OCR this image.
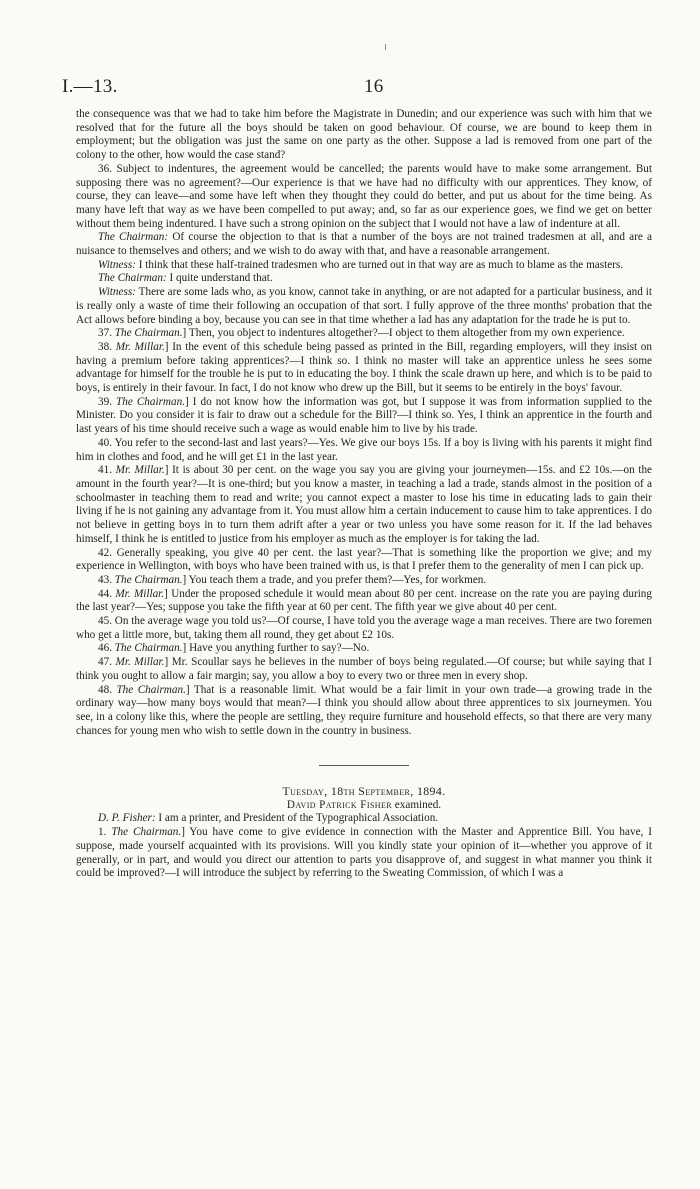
I.—13.	16

the consequence was that we had to take him before the Magistrate in Dunedin; and our experience was such with him that we resolved that for the future all the boys should be taken on good behaviour. Of course, we are bound to keep them in employment; but the obligation was just the same on one party as the other. Suppose a lad is removed from one part of the colony to the other, how would the case stand?

36. Subject to indentures, the agreement would be cancelled; the parents would have to make some arrangement. But supposing there was no agreement?—Our experience is that we have had no difficulty with our apprentices. They know, of course, they can leave—and some have left when they thought they could do better, and put us about for the time being. As many have left that way as we have been compelled to put away; and, so far as our experience goes, we find we get on better without them being indentured. I have such a strong opinion on the subject that I would not have a law of indenture at all.

The Chairman: Of course the objection to that is that a number of the boys are not trained tradesmen at all, and are a nuisance to themselves and others; and we wish to do away with that, and have a reasonable arrangement.

Witness: I think that these half-trained tradesmen who are turned out in that way are as much to blame as the masters.

The Chairman: I quite understand that.

Witness: There are some lads who, as you know, cannot take in anything, or are not adapted for a particular business, and it is really only a waste of time their following an occupation of that sort. I fully approve of the three months' probation that the Act allows before binding a boy, because you can see in that time whether a lad has any adaptation for the trade he is put to.

37. The Chairman.] Then, you object to indentures altogether?—I object to them altogether from my own experience.

38. Mr. Millar.] In the event of this schedule being passed as printed in the Bill, regarding employers, will they insist on having a premium before taking apprentices?—I think so. I think no master will take an apprentice unless he sees some advantage for himself for the trouble he is put to in educating the boy. I think the scale drawn up here, and which is to be paid to boys, is entirely in their favour. In fact, I do not know who drew up the Bill, but it seems to be entirely in the boys' favour.

39. The Chairman.] I do not know how the information was got, but I suppose it was from information supplied to the Minister. Do you consider it is fair to draw out a schedule for the Bill?—I think so. Yes, I think an apprentice in the fourth and last years of his time should receive such a wage as would enable him to live by his trade.

40. You refer to the second-last and last years?—Yes. We give our boys 15s. If a boy is living with his parents it might find him in clothes and food, and he will get £1 in the last year.

41. Mr. Millar.] It is about 30 per cent. on the wage you say you are giving your journeymen—15s. and £2 10s.—on the amount in the fourth year?—It is one-third; but you know a master, in teaching a lad a trade, stands almost in the position of a schoolmaster in teaching them to read and write; you cannot expect a master to lose his time in educating lads to gain their living if he is not gaining any advantage from it. You must allow him a certain inducement to cause him to take apprentices. I do not believe in getting boys in to turn them adrift after a year or two unless you have some reason for it. If the lad behaves himself, I think he is entitled to justice from his employer as much as the employer is for taking the lad.

42. Generally speaking, you give 40 per cent. the last year?—That is something like the proportion we give; and my experience in Wellington, with boys who have been trained with us, is that I prefer them to the generality of men I can pick up.

43. The Chairman.] You teach them a trade, and you prefer them?—Yes, for workmen.

44. Mr. Millar.] Under the proposed schedule it would mean about 80 per cent. increase on the rate you are paying during the last year?—Yes; suppose you take the fifth year at 60 per cent. The fifth year we give about 40 per cent.

45. On the average wage you told us?—Of course, I have told you the average wage a man receives. There are two foremen who get a little more, but, taking them all round, they get about £2 10s.

46. The Chairman.] Have you anything further to say?—No.

47. Mr. Millar.] Mr. Scoullar says he believes in the number of boys being regulated.—Of course; but while saying that I think you ought to allow a fair margin; say, you allow a boy to every two or three men in every shop.

48. The Chairman.] That is a reasonable limit. What would be a fair limit in your own trade—a growing trade in the ordinary way—how many boys would that mean?—I think you should allow about three apprentices to six journeymen. You see, in a colony like this, where the people are settling, they require furniture and household effects, so that there are very many chances for young men who wish to settle down in the country in business.

Tuesday, 18th September, 1894.

David Patrick Fisher examined.

D. P. Fisher: I am a printer, and President of the Typographical Association.

1. The Chairman.] You have come to give evidence in connection with the Master and Apprentice Bill. You have, I suppose, made yourself acquainted with its provisions. Will you kindly state your opinion of it—whether you approve of it generally, or in part, and would you direct our attention to parts you disapprove of, and suggest in what manner you think it could be improved?—I will introduce the subject by referring to the Sweating Commission, of which I was a
